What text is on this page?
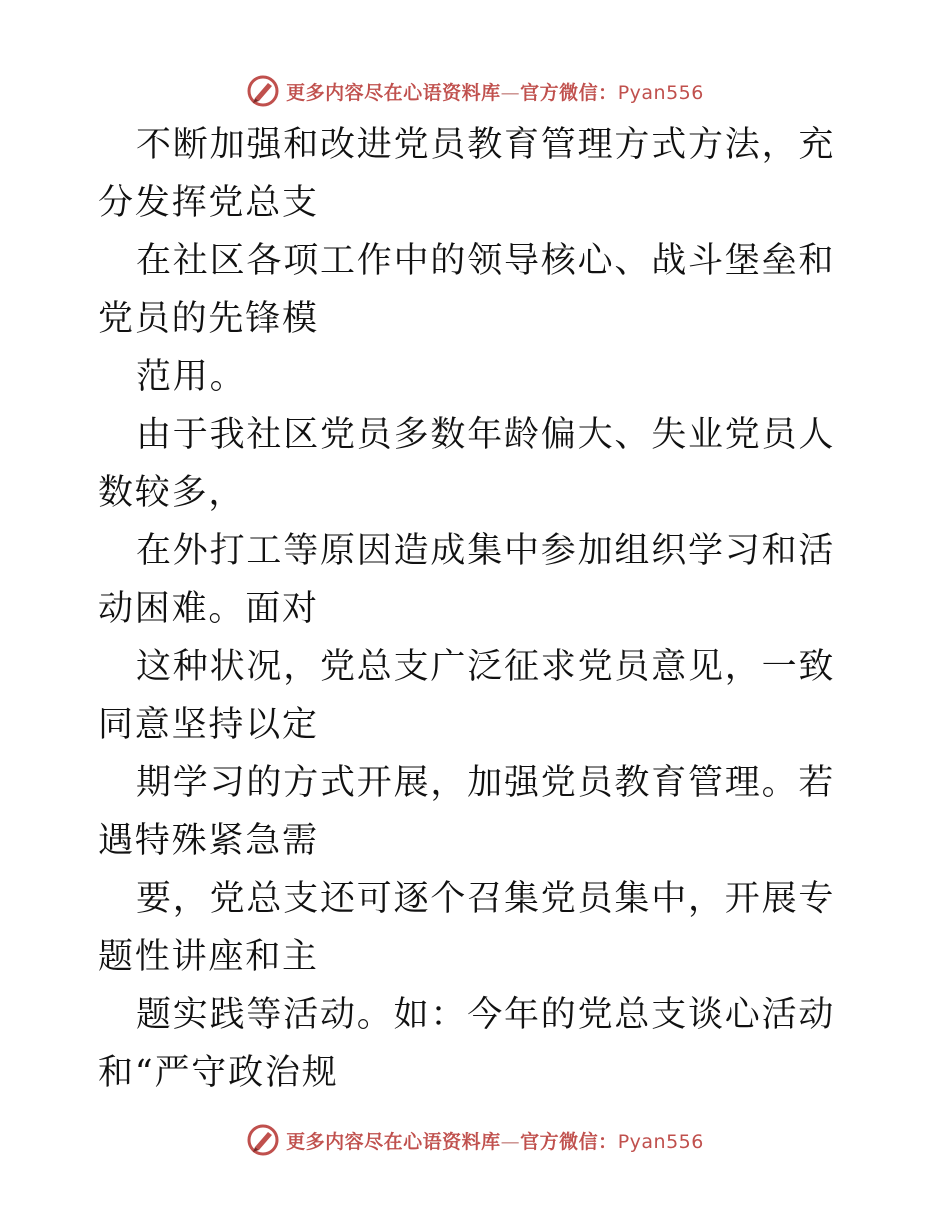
更多内容尽在心语资料库—官方微信：Pyan556

不断加强和改进党员教育管理方式方法，充分发挥党总支

在社区各项工作中的领导核心、战斗堡垒和党员的先锋模

范用。

由于我社区党员多数年龄偏大、失业党员人数较多，

在外打工等原因造成集中参加组织学习和活动困难。面对

这种状况，党总支广泛征求党员意见，一致同意坚持以定

期学习的方式开展，加强党员教育管理。若遇特殊紧急需

要，党总支还可逐个召集党员集中，开展专题性讲座和主

题实践等活动。如：今年的党总支谈心活动和“严守政治规

更多内容尽在心语资料库—官方微信：Pyan556
